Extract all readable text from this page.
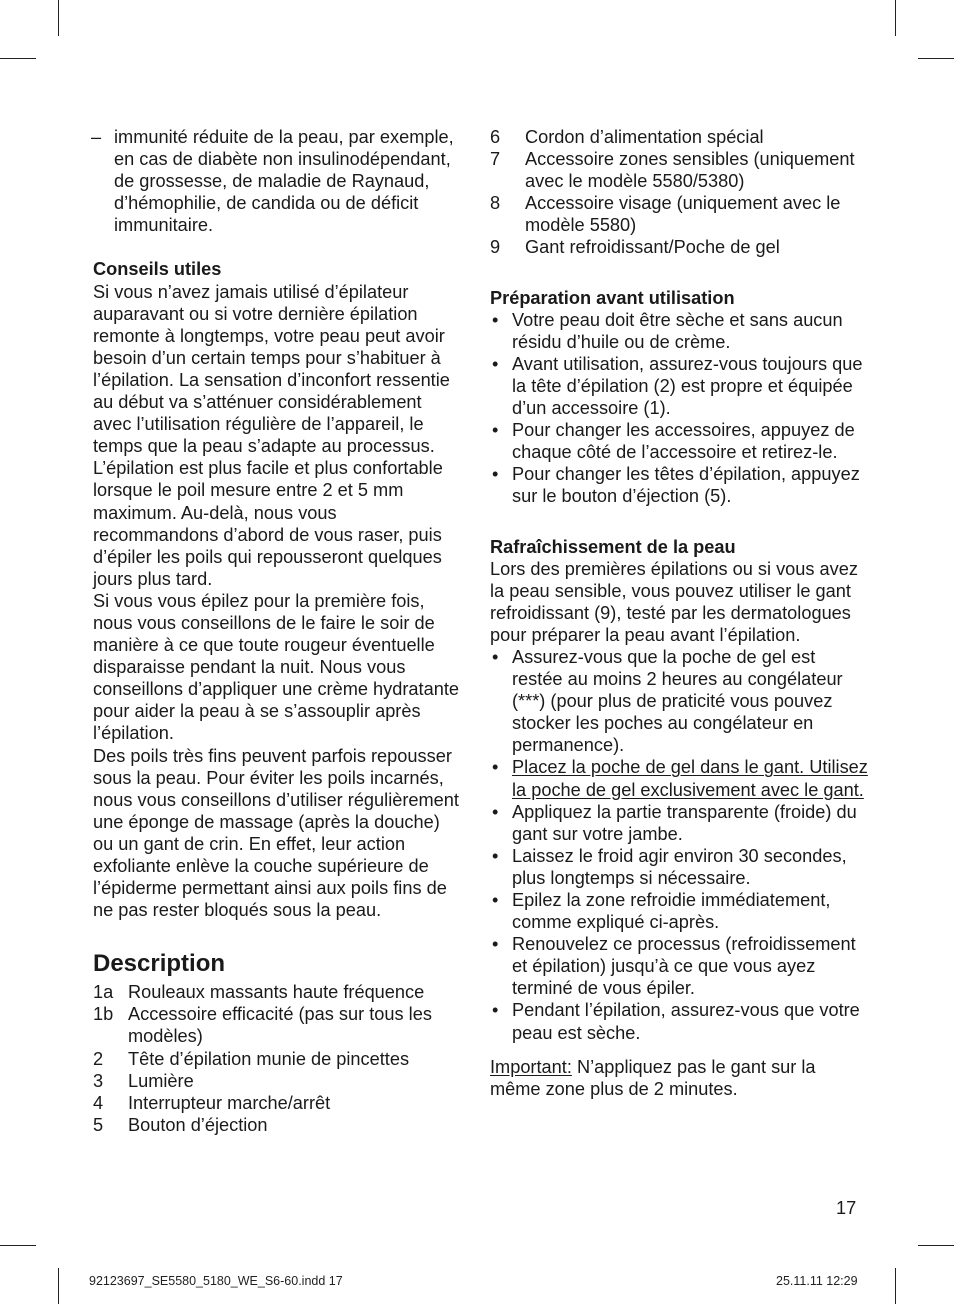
– immunité réduite de la peau, par exemple, en cas de diabète non insulinodépendant, de grossesse, de maladie de Raynaud, d’hémophilie, de candida ou de déficit immunitaire.

Conseils utiles

Si vous n’avez jamais utilisé d’épilateur auparavant ou si votre dernière épilation remonte à longtemps, votre peau peut avoir besoin d’un certain temps pour s’habituer à l’épilation. La sensation d’inconfort ressentie au début va s’atténuer considérablement avec l’utilisation régulière de l’appareil, le temps que la peau s’adapte au processus.

L’épilation est plus facile et plus confortable lorsque le poil mesure entre 2 et 5 mm maximum. Au-delà, nous vous recommandons d’abord de vous raser, puis d’épiler les poils qui repousseront quelques jours plus tard.

Si vous vous épilez pour la première fois, nous vous conseillons de le faire le soir de manière à ce que toute rougeur éventuelle disparaisse pendant la nuit. Nous vous conseillons d’appliquer une crème hydratante pour aider la peau à se s’assouplir après l’épilation.

Des poils très fins peuvent parfois repousser sous la peau. Pour éviter les poils incarnés, nous vous conseillons d’utiliser régulièrement une éponge de massage (après la douche) ou un gant de crin. En effet, leur action exfoliante enlève la couche supérieure de l’épiderme permettant ainsi aux poils fins de ne pas rester bloqués sous la peau.

Description

1a Rouleaux massants haute fréquence

1b Accessoire efficacité (pas sur tous les modèles)

2 Tête d’épilation munie de pincettes

3 Lumière

4 Interrupteur marche/arrêt

5 Bouton d’éjection

6 Cordon d’alimentation spécial

7 Accessoire zones sensibles (uniquement avec le modèle 5580/5380)

8 Accessoire visage (uniquement avec le modèle 5580)

9 Gant refroidissant/Poche de gel

Préparation avant utilisation

• Votre peau doit être sèche et sans aucun résidu d’huile ou de crème.

• Avant utilisation, assurez-vous toujours que la tête d’épilation (2) est propre et équipée d’un accessoire (1).

• Pour changer les accessoires, appuyez de chaque côté de l’accessoire et retirez-le.

• Pour changer les têtes d’épilation, appuyez sur le bouton d’éjection (5).

Rafraîchissement de la peau

Lors des premières épilations ou si vous avez la peau sensible, vous pouvez utiliser le gant refroidissant (9), testé par les dermatologues pour préparer la peau avant l’épilation.

• Assurez-vous que la poche de gel est restée au moins 2 heures au congélateur (***) (pour plus de praticité vous pouvez stocker les poches au congélateur en permanence).

• Placez la poche de gel dans le gant. Utilisez la poche de gel exclusivement avec le gant.

• Appliquez la partie transparente (froide) du gant sur votre jambe.

• Laissez le froid agir environ 30 secondes, plus longtemps si nécessaire.

• Epilez la zone refroidie immédiatement, comme expliqué ci-après.

• Renouvelez ce processus (refroidissement et épilation) jusqu’à ce que vous ayez terminé de vous épiler.

• Pendant l’épilation, assurez-vous que votre peau est sèche.

Important: N’appliquez pas le gant sur la même zone plus de 2 minutes.

17
92123697_SE5580_5180_WE_S6-60.indd 17	25.11.11 12:29
